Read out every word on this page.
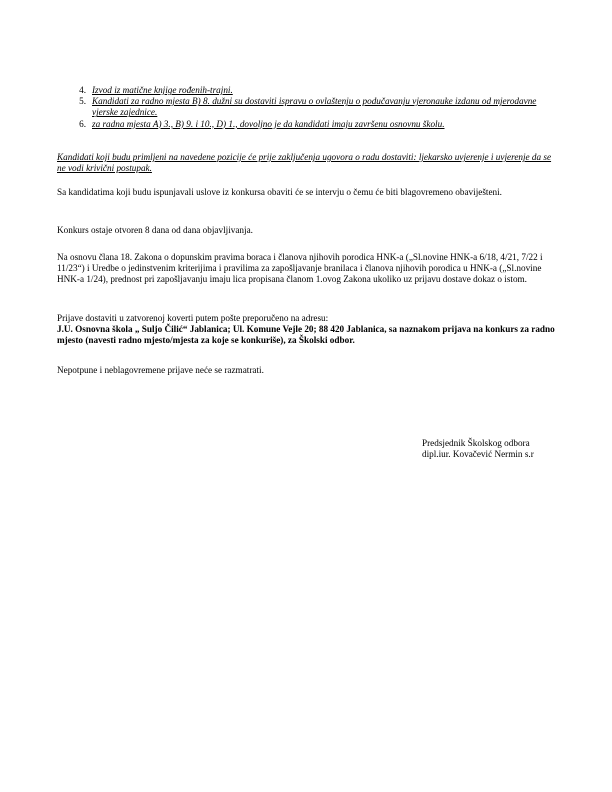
4. Izvod iz matične knjige rođenih-trajni.
5. Kandidati za radno mjesta B) 8. dužni su dostaviti ispravu o ovlaštenju o podučavanju vjeronauke izdanu od mjerodavne vjerske zajednice.
6. za radna mjesta A) 3., B) 9. i 10., D) 1., dovoljno je da kandidati imaju završenu osnovnu školu.
Kandidati koji budu primljeni na navedene pozicije će prije zaključenja ugovora o radu dostaviti: ljekarsko uvjerenje i uvjerenje da se ne vodi krivični postupak.
Sa kandidatima koji budu ispunjavali uslove iz konkursa obaviti će se intervju o čemu će biti blagovremeno obaviješteni.
Konkurs ostaje otvoren 8 dana od dana objavljivanja.
Na osnovu člana 18. Zakona o dopunskim pravima boraca i članova njihovih porodica HNK-a („Sl.novine HNK-a 6/18, 4/21, 7/22 i 11/23“) i Uredbe o jedinstvenim kriterijima i pravilima za zapošljavanje branilaca i članova njihovih porodica u HNK-a („Sl.novine HNK-a 1/24), prednost pri zapošljavanju imaju lica propisana članom 1.ovog Zakona ukoliko uz prijavu dostave dokaz o istom.
Prijave dostaviti u zatvorenoj koverti putem pošte preporučeno na adresu:
J.U. Osnovna škola „ Suljo Čilić“ Jablanica; Ul. Komune Vejle 20; 88 420 Jablanica, sa naznakom prijava na konkurs za radno mjesto (navesti radno mjesto/mjesta za koje se konkuriše), za Školski odbor.
Nepotpune i neblagovremene prijave neće se razmatrati.
Predsjednik Školskog odbora
dipl.iur. Kovačević Nermin s.r
